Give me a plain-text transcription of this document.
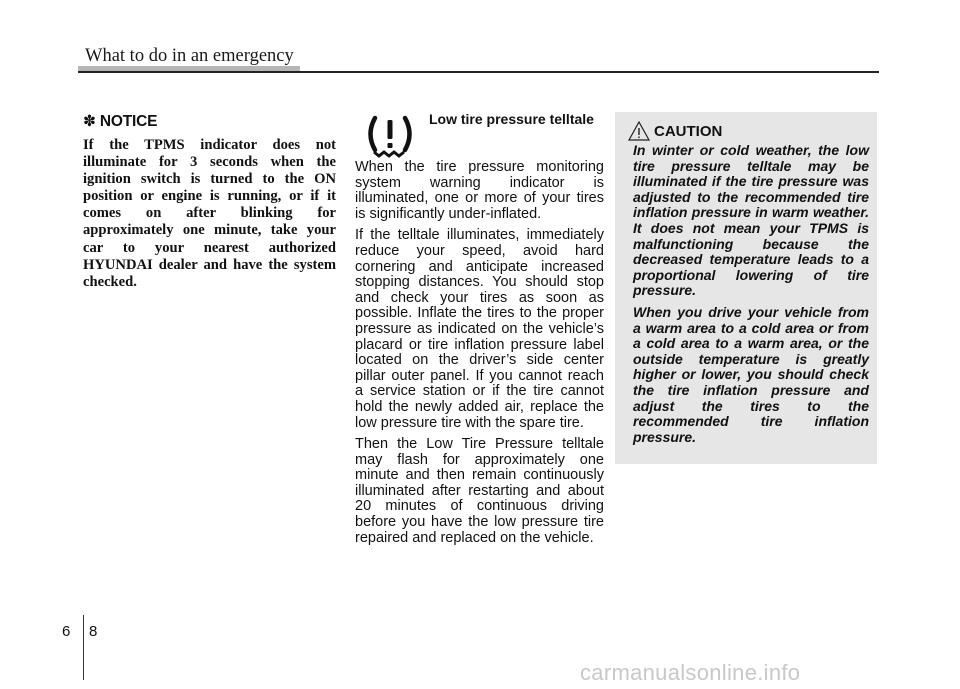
What to do in an emergency
✽ NOTICE

If the TPMS indicator does not illuminate for 3 seconds when the ignition switch is turned to the ON position or engine is running, or if it comes on after blinking for approximately one minute, take your car to your nearest authorized HYUNDAI dealer and have the system checked.

Low tire pressure telltale

When the tire pressure monitoring system warning indicator is illuminated, one or more of your tires is significantly under-inflated.

If the telltale illuminates, immediately reduce your speed, avoid hard cornering and anticipate increased stopping distances. You should stop and check your tires as soon as possible. Inflate the tires to the proper pressure as indicated on the vehicle’s placard or tire inflation pressure label located on the driver’s side center pillar outer panel. If you cannot reach a service station or if the tire cannot hold the newly added air, replace the low pressure tire with the spare tire.

Then the Low Tire Pressure telltale may flash for approximately one minute and then remain continuously illuminated after restarting and about 20 minutes of continuous driving before you have the low pressure tire repaired and replaced on the vehicle.

CAUTION

In winter or cold weather, the low tire pressure telltale may be illuminated if the tire pressure was adjusted to the recommended tire inflation pressure in warm weather. It does not mean your TPMS is malfunctioning because the decreased temperature leads to a proportional lowering of tire pressure.

When you drive your vehicle from a warm area to a cold area or from a cold area to a warm area, or the outside temperature is greatly higher or lower, you should check the tire inflation pressure and adjust the tires to the recommended tire inflation pressure.

6 8
carmanualsonline.info
